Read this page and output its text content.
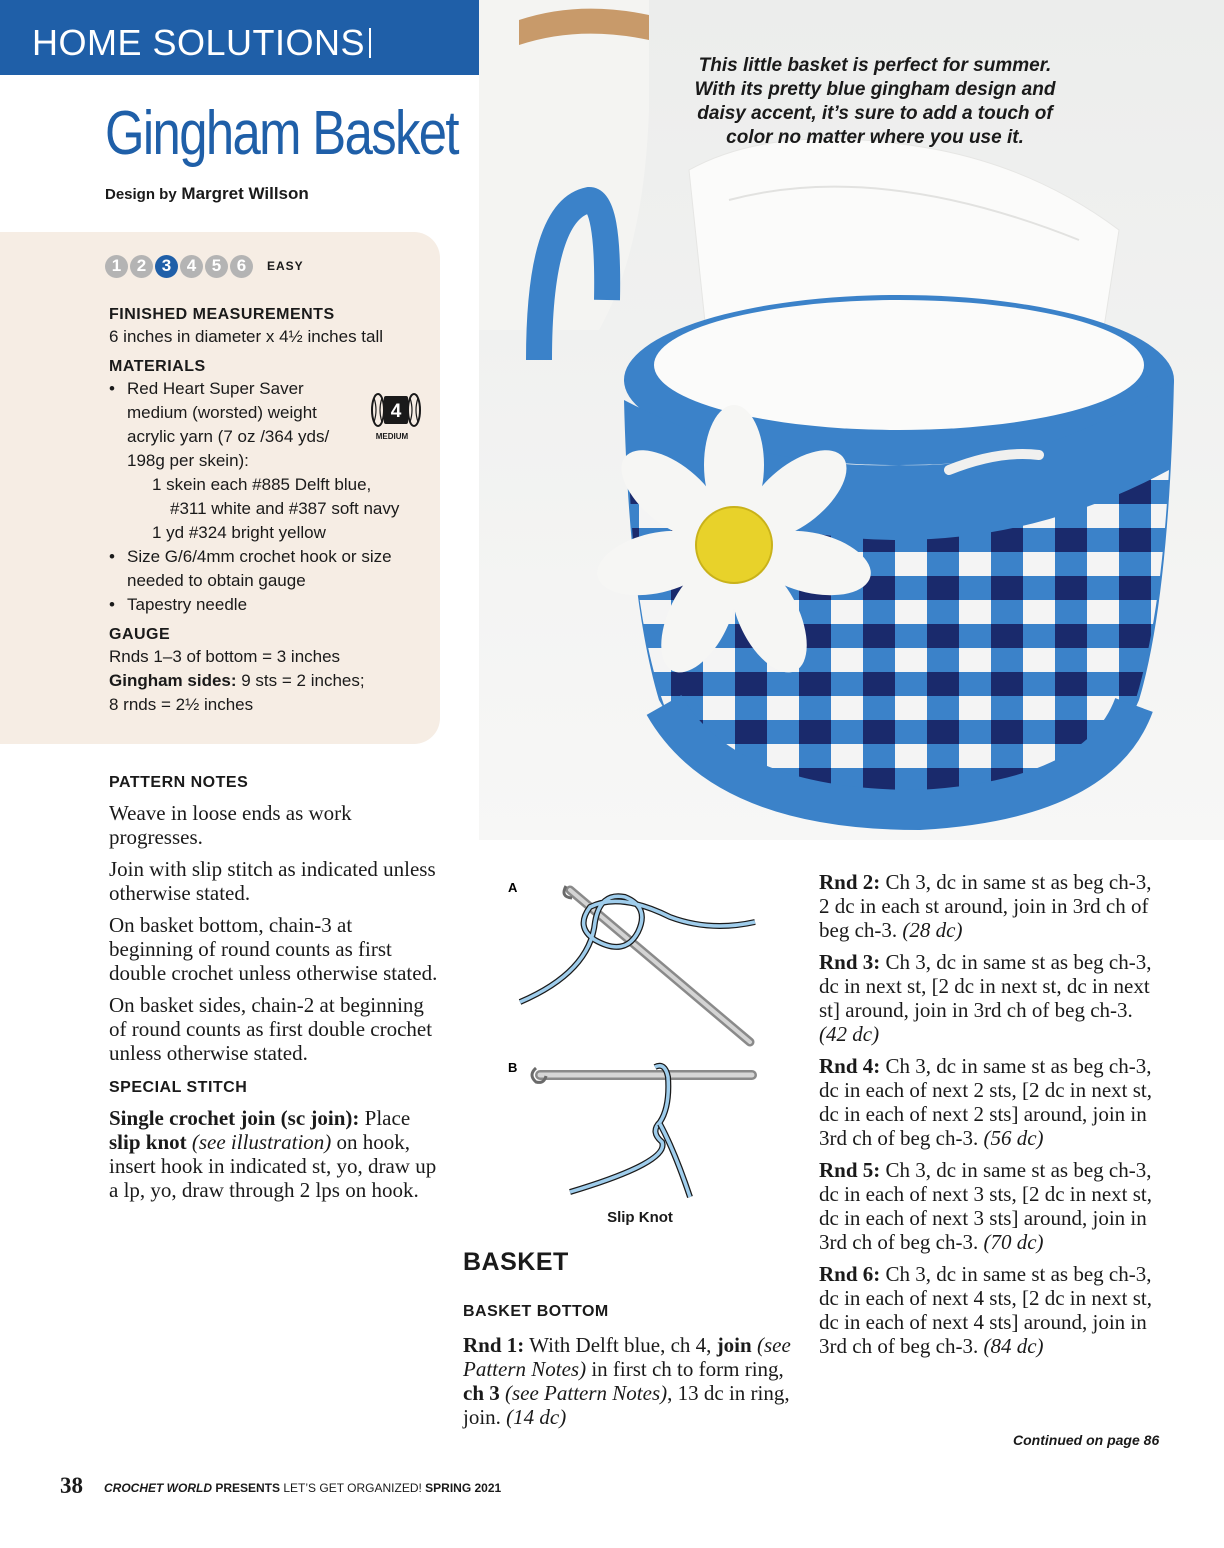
HOME SOLUTIONS
Gingham Basket
Design by Margret Willson
1 2 3 4 5 6	EASY
FINISHED MEASUREMENTS
6 inches in diameter x 4½ inches tall
MATERIALS
• Red Heart Super Saver
medium (worsted) weight
acrylic yarn (7 oz /364 yds/
198g per skein):
1 skein each #885 Delft blue,
#311 white and #387 soft navy
1 yd #324 bright yellow
• Size G/6/4mm crochet hook or size
needed to obtain gauge
• Tapestry needle
GAUGE
Rnds 1–3 of bottom = 3 inches
Gingham sides: 9 sts = 2 inches;
8 rnds = 2½ inches
4
MEDIUM
PATTERN NOTES

Weave in loose ends as work progresses.

Join with slip stitch as indicated unless otherwise stated.

On basket bottom, chain-3 at beginning of round counts as first double crochet unless otherwise stated.

On basket sides, chain-2 at beginning of round counts as first double crochet unless otherwise stated.

SPECIAL STITCH

Single crochet join (sc join): Place slip knot (see illustration) on hook, insert hook in indicated st, yo, draw up a lp, yo, draw through 2 lps on hook.

This little basket is perfect for summer. With its pretty blue gingham design and daisy accent, it’s sure to add a touch of color no matter where you use it.
A
B
Slip Knot
BASKET
BASKET BOTTOM
Rnd 1: With Delft blue, ch 4, join (see Pattern Notes) in first ch to form ring, ch 3 (see Pattern Notes), 13 dc in ring, join. (14 dc)

Rnd 2: Ch 3, dc in same st as beg ch-3, 2 dc in each st around, join in 3rd ch of beg ch-3. (28 dc)

Rnd 3: Ch 3, dc in same st as beg ch-3, dc in next st, [2 dc in next st, dc in next st] around, join in 3rd ch of beg ch-3. (42 dc)

Rnd 4: Ch 3, dc in same st as beg ch-3, dc in each of next 2 sts, [2 dc in next st, dc in each of next 2 sts] around, join in 3rd ch of beg ch-3. (56 dc)

Rnd 5: Ch 3, dc in same st as beg ch-3, dc in each of next 3 sts, [2 dc in next st, dc in each of next 3 sts] around, join in 3rd ch of beg ch-3. (70 dc)

Rnd 6: Ch 3, dc in same st as beg ch-3, dc in each of next 4 sts, [2 dc in next st, dc in each of next 4 sts] around, join in 3rd ch of beg ch-3. (84 dc)

Continued on page 86
38 CROCHET WORLD PRESENTS LET’S GET ORGANIZED! SPRING 2021
